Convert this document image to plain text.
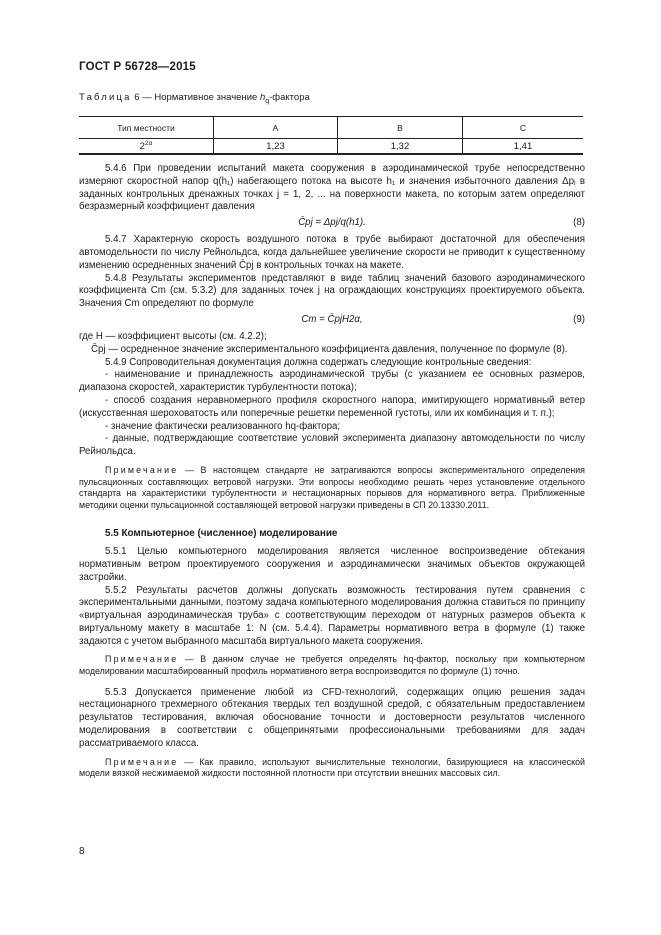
ГОСТ Р 56728—2015
Таблица 6 — Нормативное значение $h_q$-фактора
Тип местности	A	B	C
$2^{2\alpha}$	1,23	1,32	1,41

5.4.6 При проведении испытаний макета сооружения в аэродинамической трубе непосредственно измеряют скоростной напор q(h₁) набегающего потока на высоте h₁ и значения избыточного давления Δpⱼ в заданных контрольных дренажных точках j = 1, 2, ... на поверхности макета, по которым затем определяют безразмерный коэффициент давления

C̄pj = Δpj/q(h1).	(8)

5.4.7 Характерную скорость воздушного потока в трубе выбирают достаточной для обеспечения автомодельности по числу Рейнольдса, когда дальнейшее увеличение скорости не приводит к существенному изменению осредненных значений C̄pj в контрольных точках на макете.

5.4.8 Результаты экспериментов представляют в виде таблиц значений базового аэродинамического коэффициента Cm (см. 5.3.2) для заданных точек j на ограждающих конструкциях проектируемого объекта. Значения Cm определяют по формуле

Cm = C̄pjH2α,	(9)

где H — коэффициент высоты (см. 4.2.2);

C̄pj — осредненное значение экспериментального коэффициента давления, полученное по формуле (8).

5.4.9 Сопроводительная документация должна содержать следующие контрольные сведения:

- наименование и принадлежность аэродинамической трубы (с указанием ее основных размеров, диапазона скоростей, характеристик турбулентности потока);

- способ создания неравномерного профиля скоростного напора, имитирующего нормативный ветер (искусственная шероховатость или поперечные решетки переменной густоты, или их комбинация и т. п.);

- значение фактически реализованного hq-фактора;

- данные, подтверждающие соответствие условий эксперимента диапазону автомодельности по числу Рейнольдса.

Примечание — В настоящем стандарте не затрагиваются вопросы экспериментального определения пульсационных составляющих ветровой нагрузки. Эти вопросы необходимо решать через установление отдельного стандарта на характеристики турбулентности и нестационарных порывов для нормативного ветра. Приближенные методики оценки пульсационной составляющей ветровой нагрузки приведены в СП 20.13330.2011.

5.5 Компьютерное (численное) моделирование

5.5.1 Целью компьютерного моделирования является численное воспроизведение обтекания нормативным ветром проектируемого сооружения и аэродинамически значимых объектов окружающей застройки.

5.5.2 Результаты расчетов должны допускать возможность тестирования путем сравнения с экспериментальными данными, поэтому задача компьютерного моделирования должна ставиться по принципу «виртуальная аэродинамическая труба» с соответствующим переходом от натурных размеров объекта к виртуальному макету в масштабе 1: N (см. 5.4.4). Параметры нормативного ветра в формуле (1) также задаются с учетом выбранного масштаба виртуального макета сооружения.

Примечание — В данном случае не требуется определять hq-фактор, поскольку при компьютерном моделировании масштабированный профиль нормативного ветра воспроизводится по формуле (1) точно.

5.5.3 Допускается применение любой из CFD-технологий, содержащих опцию решения задач нестационарного трехмерного обтекания твердых тел воздушной средой, с обязательным предоставлением результатов тестирования, включая обоснование точности и достоверности результатов численного моделирования в соответствии с общепринятыми профессиональными требованиями для задач рассматриваемого класса.

Примечание — Как правило, используют вычислительные технологии, базирующиеся на классической модели вязкой несжимаемой жидкости постоянной плотности при отсутствии внешних массовых сил.

8
